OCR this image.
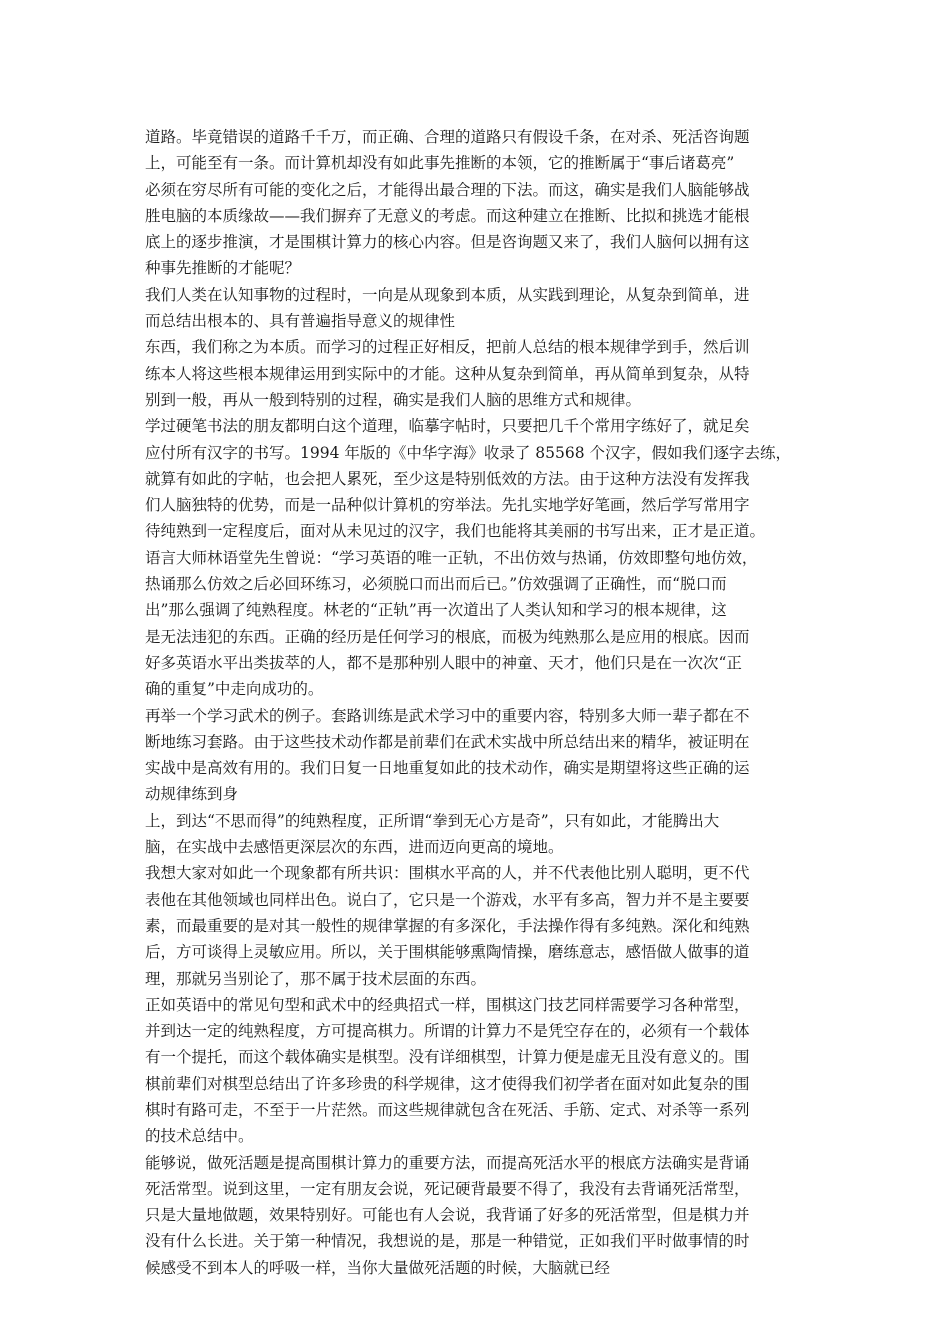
道路。毕竟错误的道路千千万，而正确、合理的道路只有假设千条，在对杀、死活咨询题
上，可能至有一条。而计算机却没有如此事先推断的本领，它的推断属于“事后诸葛亮”
必须在穷尽所有可能的变化之后，才能得出最合理的下法。而这，确实是我们人脑能够战
胜电脑的本质缘故——我们摒弃了无意义的考虑。而这种建立在推断、比拟和挑选才能根
底上的逐步推演，才是围棋计算力的核心内容。但是咨询题又来了，我们人脑何以拥有这
种事先推断的才能呢？
我们人类在认知事物的过程时，一向是从现象到本质，从实践到理论，从复杂到简单，进
而总结出根本的、具有普遍指导意义的规律性
东西，我们称之为本质。而学习的过程正好相反，把前人总结的根本规律学到手，然后训
练本人将这些根本规律运用到实际中的才能。这种从复杂到简单，再从简单到复杂，从特
别到一般，再从一般到特别的过程，确实是我们人脑的思维方式和规律。
学过硬笔书法的朋友都明白这个道理，临摹字帖时，只要把几千个常用字练好了，就足矣
应付所有汉字的书写。1994 年版的《中华字海》收录了 85568 个汉字，假如我们逐字去练，
就算有如此的字帖，也会把人累死，至少这是特别低效的方法。由于这种方法没有发挥我
们人脑独特的优势，而是一品种似计算机的穷举法。先扎实地学好笔画，然后学写常用字
待纯熟到一定程度后，面对从未见过的汉字，我们也能将其美丽的书写出来，正才是正道。
语言大师林语堂先生曾说：“学习英语的唯一正轨，不出仿效与热诵，仿效即整句地仿效，
热诵那么仿效之后必回环练习，必须脱口而出而后已。”仿效强调了正确性，而“脱口而
出”那么强调了纯熟程度。林老的“正轨”再一次道出了人类认知和学习的根本规律，这
是无法违犯的东西。正确的经历是任何学习的根底，而极为纯熟那么是应用的根底。因而
好多英语水平出类拔萃的人，都不是那种别人眼中的神童、天才，他们只是在一次次“正
确的重复”中走向成功的。
再举一个学习武术的例子。套路训练是武术学习中的重要内容，特别多大师一辈子都在不
断地练习套路。由于这些技术动作都是前辈们在武术实战中所总结出来的精华，被证明在
实战中是高效有用的。我们日复一日地重复如此的技术动作，确实是期望将这些正确的运
动规律练到身
上，到达“不思而得”的纯熟程度，正所谓“拳到无心方是奇”，只有如此，才能腾出大
脑，在实战中去感悟更深层次的东西，进而迈向更高的境地。
我想大家对如此一个现象都有所共识：围棋水平高的人，并不代表他比别人聪明，更不代
表他在其他领域也同样出色。说白了，它只是一个游戏，水平有多高，智力并不是主要要
素，而最重要的是对其一般性的规律掌握的有多深化，手法操作得有多纯熟。深化和纯熟
后，方可谈得上灵敏应用。所以，关于围棋能够熏陶情操，磨练意志，感悟做人做事的道
理，那就另当别论了，那不属于技术层面的东西。
正如英语中的常见句型和武术中的经典招式一样，围棋这门技艺同样需要学习各种常型，
并到达一定的纯熟程度，方可提高棋力。所谓的计算力不是凭空存在的，必须有一个载体
有一个提托，而这个载体确实是棋型。没有详细棋型，计算力便是虚无且没有意义的。围
棋前辈们对棋型总结出了许多珍贵的科学规律，这才使得我们初学者在面对如此复杂的围
棋时有路可走，不至于一片茫然。而这些规律就包含在死活、手筋、定式、对杀等一系列
的技术总结中。
能够说，做死活题是提高围棋计算力的重要方法，而提高死活水平的根底方法确实是背诵
死活常型。说到这里，一定有朋友会说，死记硬背最要不得了，我没有去背诵死活常型，
只是大量地做题，效果特别好。可能也有人会说，我背诵了好多的死活常型，但是棋力并
没有什么长进。关于第一种情况，我想说的是，那是一种错觉，正如我们平时做事情的时
候感受不到本人的呼吸一样，当你大量做死活题的时候，大脑就已经
